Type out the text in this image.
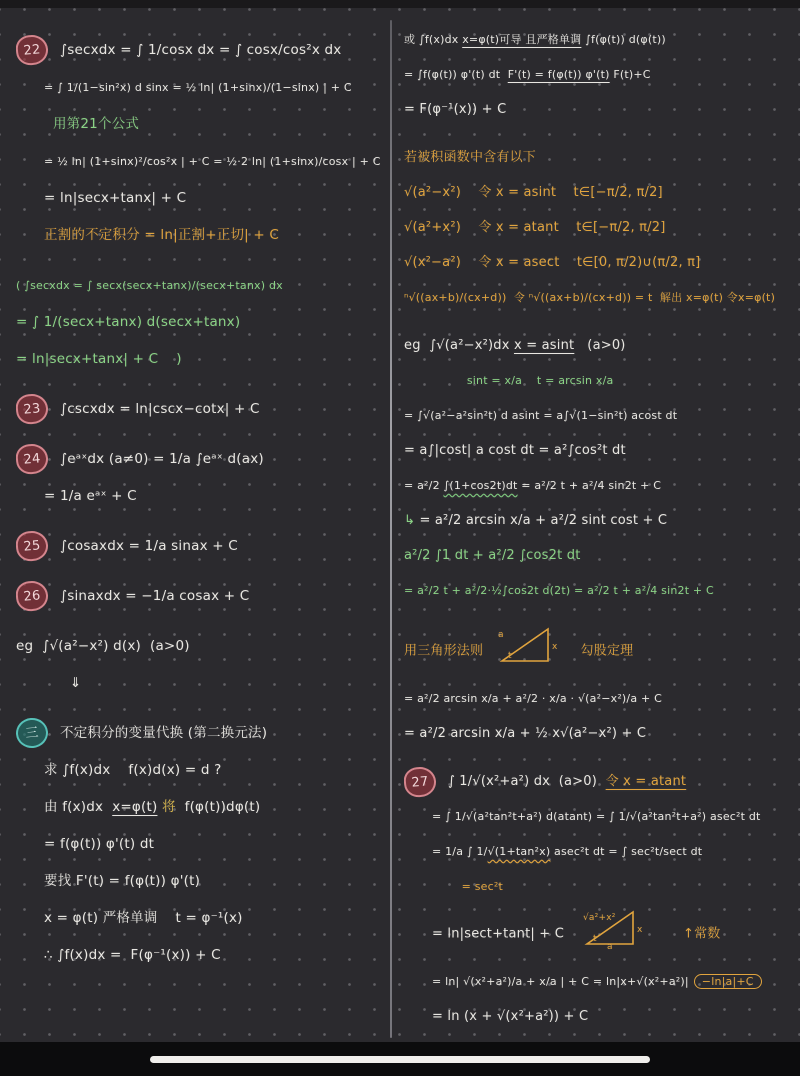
22 ∫secxdx = ∫ 1/cosx dx = ∫ cosx/cos²x dx
= ∫ 1/(1−sin²x) d sinx = ½ ln| (1+sinx)/(1−sinx) | + C
用第21个公式
= ½ ln| (1+sinx)²/cos²x | + C = ½·2 ln| (1+sinx)/cosx | + C
= ln|secx+tanx| + C
正割的不定积分 = ln|正割+正切| + C
( ∫secxdx = ∫ secx(secx+tanx)/(secx+tanx) dx
= ∫ 1/(secx+tanx) d(secx+tanx)
= ln|secx+tanx| + C    )
23 ∫cscxdx = ln|cscx−cotx| + C
24 ∫eᵃˣdx (a≠0) = 1/a ∫eᵃˣ d(ax)
= 1/a eᵃˣ + C
25 ∫cosaxdx = 1/a sinax + C
26 ∫sinaxdx = −1/a cosax + C
eg  ∫√(a²−x²) d(x)  (a>0)
⇓
三 不定积分的变量代换 (第二换元法)
求 ∫f(x)dx    f(x)d(x) = d ?
由 f(x)dx  x=φ(t) 将  f(φ(t))dφ(t)
= f(φ(t)) φ'(t) dt
要找 F'(t) = f(φ(t)) φ'(t)
x = φ(t) 严格单调    t = φ⁻¹(x)
∴ ∫f(x)dx =  F(φ⁻¹(x)) + C
或 ∫f(x)dx x=φ(t)可导 且严格单调 ∫f(φ(t)) d(φ(t))
= ∫f(φ(t)) φ'(t) dt  F'(t) = f(φ(t)) φ'(t) F(t)+C
= F(φ⁻¹(x)) + C
若被积函数中含有以下
√(a²−x²)    令 x = asint    t∈[−π/2, π/2]
√(a²+x²)    令 x = atant    t∈[−π/2, π/2]
√(x²−a²)    令 x = asect    t∈[0, π/2)∪(π/2, π]
ⁿ√((ax+b)/(cx+d))  令 ⁿ√((ax+b)/(cx+d)) = t  解出 x=φ(t) 令x=φ(t)
eg  ∫√(a²−x²)dx x = asint   (a>0)
sint = x/a    t = arcsin x/a
= ∫√(a²−a²sin²t) d asint = a∫√(1−sin²t) acost dt
= a∫|cost| a cost dt = a²∫cos²t dt
= a²/2 ∫(1+cos2t)dt = a²/2 t + a²/4 sin2t + C
↳ = a²/2 arcsin x/a + a²/2 sint cost + C
a²/2 ∫1 dt + a²/2 ∫cos2t dt
= a²/2 t + a²/2·½∫cos2t d(2t) = a²/2 t + a²/4 sin2t + C
用三角形法则
a
x
t	勾股定理
= a²/2 arcsin x/a + a²/2 · x/a · √(a²−x²)/a + C
= a²/2 arcsin x/a + ½ x√(a²−x²) + C
27 ∫ 1/√(x²+a²) dx  (a>0)  令 x = atant
= ∫ 1/√(a²tan²t+a²) d(atant) = ∫ 1/√(a²tan²t+a²) asec²t dt
= 1/a ∫ 1/√(1+tan²x) asec²t dt = ∫ sec²t/sect dt
= sec²t
= ln|sect+tant| + C
√a²+x²
x
a
t	↑常数
= ln| √(x²+a²)/a + x/a | + C = ln|x+√(x²+a²)| −ln|a|+C
= ln (x + √(x²+a²)) + C
